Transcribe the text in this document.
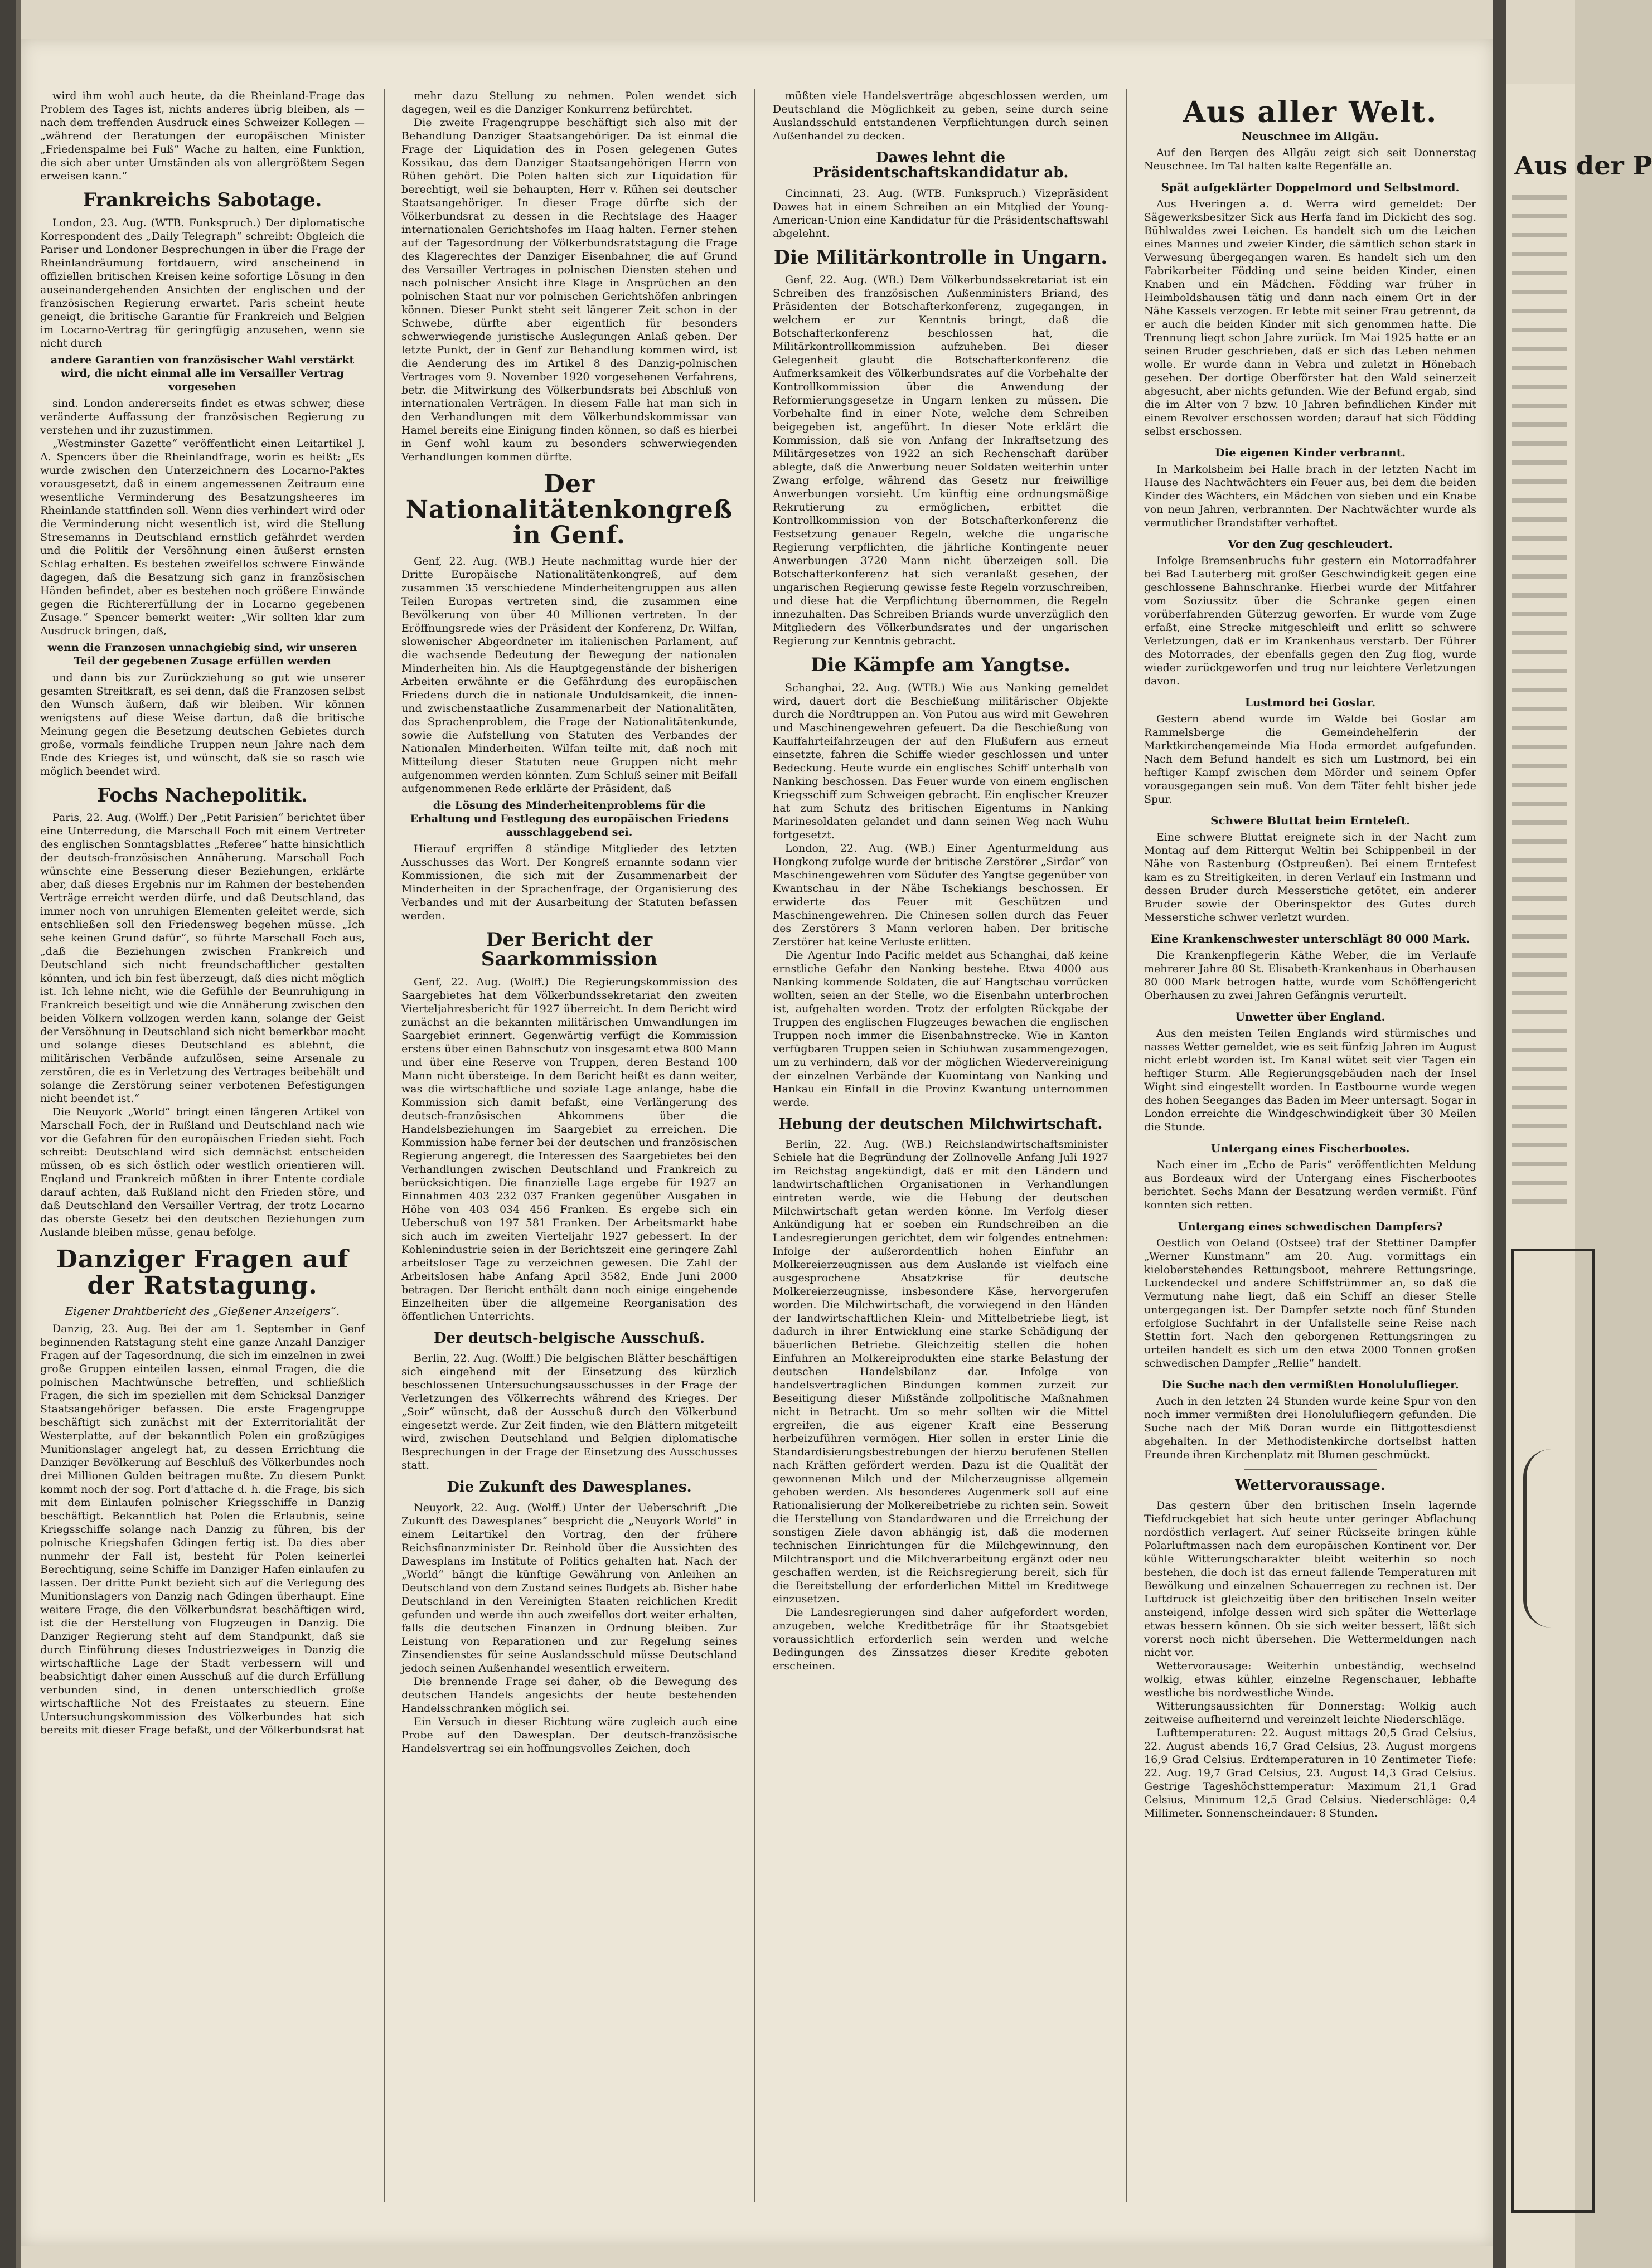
wird ihm wohl auch heute, da die Rheinland-Frage das Problem des Tages ist, nichts anderes übrig bleiben, als — nach dem treffenden Ausdruck eines Schweizer Kollegen — „während der Beratungen der europäischen Minister „Friedenspalme bei Fuß“ Wache zu halten, eine Funktion, die sich aber unter Umständen als von allergrößtem Segen erweisen kann.“

Frankreichs Sabotage.

London, 23. Aug. (WTB. Funkspruch.) Der diplomatische Korrespondent des „Daily Telegraph“ schreibt: Obgleich die Pariser und Londoner Besprechungen in über die Frage der Rheinlandräumung fortdauern, wird anscheinend in offiziellen britischen Kreisen keine sofortige Lösung in den auseinandergehenden Ansichten der englischen und der französischen Regierung erwartet. Paris scheint heute geneigt, die britische Garantie für Frankreich und Belgien im Locarno-Vertrag für geringfügig anzusehen, wenn sie nicht durch

andere Garantien von französischer Wahl verstärkt wird, die nicht einmal alle im Versailler Vertrag vorgesehen

sind. London andererseits findet es etwas schwer, diese veränderte Auffassung der französischen Regierung zu verstehen und ihr zuzustimmen.

„Westminster Gazette“ veröffentlicht einen Leitartikel J. A. Spencers über die Rheinlandfrage, worin es heißt: „Es wurde zwischen den Unterzeichnern des Locarno-Paktes vorausgesetzt, daß in einem angemessenen Zeitraum eine wesentliche Verminderung des Besatzungsheeres im Rheinlande stattfinden soll. Wenn dies verhindert wird oder die Verminderung nicht wesentlich ist, wird die Stellung Stresemanns in Deutschland ernstlich gefährdet werden und die Politik der Versöhnung einen äußerst ernsten Schlag erhalten. Es bestehen zweifellos schwere Einwände dagegen, daß die Besatzung sich ganz in französischen Händen befindet, aber es bestehen noch größere Einwände gegen die Richtererfüllung der in Locarno gegebenen Zusage.“ Spencer bemerkt weiter: „Wir sollten klar zum Ausdruck bringen, daß,

wenn die Franzosen unnachgiebig sind, wir unseren Teil der gegebenen Zusage erfüllen werden

und dann bis zur Zurückziehung so gut wie unserer gesamten Streitkraft, es sei denn, daß die Franzosen selbst den Wunsch äußern, daß wir bleiben. Wir können wenigstens auf diese Weise dartun, daß die britische Meinung gegen die Besetzung deutschen Gebietes durch große, vormals feindliche Truppen neun Jahre nach dem Ende des Krieges ist, und wünscht, daß sie so rasch wie möglich beendet wird.

Fochs Nachepolitik.

Paris, 22. Aug. (Wolff.) Der „Petit Parisien“ berichtet über eine Unterredung, die Marschall Foch mit einem Vertreter des englischen Sonntagsblattes „Referee“ hatte hinsichtlich der deutsch-französischen Annäherung. Marschall Foch wünschte eine Besserung dieser Beziehungen, erklärte aber, daß dieses Ergebnis nur im Rahmen der bestehenden Verträge erreicht werden dürfe, und daß Deutschland, das immer noch von unruhigen Elementen geleitet werde, sich entschließen soll den Friedensweg begehen müsse. „Ich sehe keinen Grund dafür“, so führte Marschall Foch aus, „daß die Beziehungen zwischen Frankreich und Deutschland sich nicht freundschaftlicher gestalten könnten, und ich bin fest überzeugt, daß dies nicht möglich ist. Ich lehne nicht, wie die Gefühle der Beunruhigung in Frankreich beseitigt und wie die Annäherung zwischen den beiden Völkern vollzogen werden kann, solange der Geist der Versöhnung in Deutschland sich nicht bemerkbar macht und solange dieses Deutschland es ablehnt, die militärischen Verbände aufzulösen, seine Arsenale zu zerstören, die es in Verletzung des Vertrages beibehält und solange die Zerstörung seiner verbotenen Befestigungen nicht beendet ist.“

Die Neuyork „World“ bringt einen längeren Artikel von Marschall Foch, der in Rußland und Deutschland nach wie vor die Gefahren für den europäischen Frieden sieht. Foch schreibt: Deutschland wird sich demnächst entscheiden müssen, ob es sich östlich oder westlich orientieren will. England und Frankreich müßten in ihrer Entente cordiale darauf achten, daß Rußland nicht den Frieden störe, und daß Deutschland den Versailler Vertrag, der trotz Locarno das oberste Gesetz bei den deutschen Beziehungen zum Auslande bleiben müsse, genau befolge.

Danziger Fragen auf der Ratstagung.
Eigener Drahtbericht des „Gießener Anzeigers“.

Danzig, 23. Aug. Bei der am 1. September in Genf beginnenden Ratstagung steht eine ganze Anzahl Danziger Fragen auf der Tagesordnung, die sich im einzelnen in zwei große Gruppen einteilen lassen, einmal Fragen, die die polnischen Machtwünsche betreffen, und schließlich Fragen, die sich im speziellen mit dem Schicksal Danziger Staatsangehöriger befassen. Die erste Fragengruppe beschäftigt sich zunächst mit der Exterritorialität der Westerplatte, auf der bekanntlich Polen ein großzügiges Munitionslager angelegt hat, zu dessen Errichtung die Danziger Bevölkerung auf Beschluß des Völkerbundes noch drei Millionen Gulden beitragen mußte. Zu diesem Punkt kommt noch der sog. Port d'attache d. h. die Frage, bis sich mit dem Einlaufen polnischer Kriegsschiffe in Danzig beschäftigt. Bekanntlich hat Polen die Erlaubnis, seine Kriegsschiffe solange nach Danzig zu führen, bis der polnische Kriegshafen Gdingen fertig ist. Da dies aber nunmehr der Fall ist, besteht für Polen keinerlei Berechtigung, seine Schiffe im Danziger Hafen einlaufen zu lassen. Der dritte Punkt bezieht sich auf die Verlegung des Munitionslagers von Danzig nach Gdingen überhaupt. Eine weitere Frage, die den Völkerbundsrat beschäftigen wird, ist die der Herstellung von Flugzeugen in Danzig. Die Danziger Regierung steht auf dem Standpunkt, daß sie durch Einführung dieses Industriezweiges in Danzig die wirtschaftliche Lage der Stadt verbessern will und beabsichtigt daher einen Ausschuß auf die durch Erfüllung verbunden sind, in denen unterschiedlich große wirtschaftliche Not des Freistaates zu steuern. Eine Untersuchungskommission des Völkerbundes hat sich bereits mit dieser Frage befaßt, und der Völkerbundsrat hat

mehr dazu Stellung zu nehmen. Polen wendet sich dagegen, weil es die Danziger Konkurrenz befürchtet.

Die zweite Fragengruppe beschäftigt sich also mit der Behandlung Danziger Staatsangehöriger. Da ist einmal die Frage der Liquidation des in Posen gelegenen Gutes Kossikau, das dem Danziger Staatsangehörigen Herrn von Rühen gehört. Die Polen halten sich zur Liquidation für berechtigt, weil sie behaupten, Herr v. Rühen sei deutscher Staatsangehöriger. In dieser Frage dürfte sich der Völkerbundsrat zu dessen in die Rechtslage des Haager internationalen Gerichtshofes im Haag halten. Ferner stehen auf der Tagesordnung der Völkerbundsratstagung die Frage des Klagerechtes der Danziger Eisenbahner, die auf Grund des Versailler Vertrages in polnischen Diensten stehen und nach polnischer Ansicht ihre Klage in Ansprüchen an den polnischen Staat nur vor polnischen Gerichtshöfen anbringen können. Dieser Punkt steht seit längerer Zeit schon in der Schwebe, dürfte aber eigentlich für besonders schwerwiegende juristische Auslegungen Anlaß geben. Der letzte Punkt, der in Genf zur Behandlung kommen wird, ist die Aenderung des im Artikel 8 des Danzig-polnischen Vertrages vom 9. November 1920 vorgesehenen Verfahrens, betr. die Mitwirkung des Völkerbundsrats bei Abschluß von internationalen Verträgen. In diesem Falle hat man sich in den Verhandlungen mit dem Völkerbundskommissar van Hamel bereits eine Einigung finden können, so daß es hierbei in Genf wohl kaum zu besonders schwerwiegenden Verhandlungen kommen dürfte.

Der Nationalitätenkongreß in Genf.

Genf, 22. Aug. (WB.) Heute nachmittag wurde hier der Dritte Europäische Nationalitätenkongreß, auf dem zusammen 35 verschiedene Minderheitengruppen aus allen Teilen Europas vertreten sind, die zusammen eine Bevölkerung von über 40 Millionen vertreten. In der Eröffnungsrede wies der Präsident der Konferenz, Dr. Wilfan, slowenischer Abgeordneter im italienischen Parlament, auf die wachsende Bedeutung der Bewegung der nationalen Minderheiten hin. Als die Hauptgegenstände der bisherigen Arbeiten erwähnte er die Gefährdung des europäischen Friedens durch die in nationale Unduldsamkeit, die innen- und zwischenstaatliche Zusammenarbeit der Nationalitäten, das Sprachenproblem, die Frage der Nationalitätenkunde, sowie die Aufstellung von Statuten des Verbandes der Nationalen Minderheiten. Wilfan teilte mit, daß noch mit Mitteilung dieser Statuten neue Gruppen nicht mehr aufgenommen werden könnten. Zum Schluß seiner mit Beifall aufgenommenen Rede erklärte der Präsident, daß

die Lösung des Minderheitenproblems für die Erhaltung und Festlegung des europäischen Friedens ausschlaggebend sei.

Hierauf ergriffen 8 ständige Mitglieder des letzten Ausschusses das Wort. Der Kongreß ernannte sodann vier Kommissionen, die sich mit der Zusammenarbeit der Minderheiten in der Sprachenfrage, der Organisierung des Verbandes und mit der Ausarbeitung der Statuten befassen werden.

Der Bericht der Saarkommission

Genf, 22. Aug. (Wolff.) Die Regierungskommission des Saargebietes hat dem Völkerbundssekretariat den zweiten Vierteljahresbericht für 1927 überreicht. In dem Bericht wird zunächst an die bekannten militärischen Umwandlungen im Saargebiet erinnert. Gegenwärtig verfügt die Kommission erstens über einen Bahnschutz von insgesamt etwa 800 Mann und über eine Reserve von Truppen, deren Bestand 100 Mann nicht übersteige. In dem Bericht heißt es dann weiter, was die wirtschaftliche und soziale Lage anlange, habe die Kommission sich damit befaßt, eine Verlängerung des deutsch-französischen Abkommens über die Handelsbeziehungen im Saargebiet zu erreichen. Die Kommission habe ferner bei der deutschen und französischen Regierung angeregt, die Interessen des Saargebietes bei den Verhandlungen zwischen Deutschland und Frankreich zu berücksichtigen. Die finanzielle Lage ergebe für 1927 an Einnahmen 403 232 037 Franken gegenüber Ausgaben in Höhe von 403 034 456 Franken. Es ergebe sich ein Ueberschuß von 197 581 Franken. Der Arbeitsmarkt habe sich auch im zweiten Vierteljahr 1927 gebessert. In der Kohlenindustrie seien in der Berichtszeit eine geringere Zahl arbeitsloser Tage zu verzeichnen gewesen. Die Zahl der Arbeitslosen habe Anfang April 3582, Ende Juni 2000 betragen. Der Bericht enthält dann noch einige eingehende Einzelheiten über die allgemeine Reorganisation des öffentlichen Unterrichts.

Der deutsch-belgische Ausschuß.

Berlin, 22. Aug. (Wolff.) Die belgischen Blätter beschäftigen sich eingehend mit der Einsetzung des kürzlich beschlossenen Untersuchungsausschusses in der Frage der Verletzungen des Völkerrechts während des Krieges. Der „Soir“ wünscht, daß der Ausschuß durch den Völkerbund eingesetzt werde. Zur Zeit finden, wie den Blättern mitgeteilt wird, zwischen Deutschland und Belgien diplomatische Besprechungen in der Frage der Einsetzung des Ausschusses statt.

Die Zukunft des Dawesplanes.

Neuyork, 22. Aug. (Wolff.) Unter der Ueberschrift „Die Zukunft des Dawesplanes“ bespricht die „Neuyork World“ in einem Leitartikel den Vortrag, den der frühere Reichsfinanzminister Dr. Reinhold über die Aussichten des Dawesplans im Institute of Politics gehalten hat. Nach der „World“ hängt die künftige Gewährung von Anleihen an Deutschland von dem Zustand seines Budgets ab. Bisher habe Deutschland in den Vereinigten Staaten reichlichen Kredit gefunden und werde ihn auch zweifellos dort weiter erhalten, falls die deutschen Finanzen in Ordnung bleiben. Zur Leistung von Reparationen und zur Regelung seines Zinsendienstes für seine Auslandsschuld müsse Deutschland jedoch seinen Außenhandel wesentlich erweitern.

Die brennende Frage sei daher, ob die Bewegung des deutschen Handels angesichts der heute bestehenden Handelsschranken möglich sei.

Ein Versuch in dieser Richtung wäre zugleich auch eine Probe auf den Dawesplan. Der deutsch-französische Handelsvertrag sei ein hoffnungsvolles Zeichen, doch

müßten viele Handelsverträge abgeschlossen werden, um Deutschland die Möglichkeit zu geben, seine durch seine Auslandsschuld entstandenen Verpflichtungen durch seinen Außenhandel zu decken.

Dawes lehnt die Präsidentschaftskandidatur ab.

Cincinnati, 23. Aug. (WTB. Funkspruch.) Vizepräsident Dawes hat in einem Schreiben an ein Mitglied der Young-American-Union eine Kandidatur für die Präsidentschaftswahl abgelehnt.

Die Militärkontrolle in Ungarn.

Genf, 22. Aug. (WB.) Dem Völkerbundssekretariat ist ein Schreiben des französischen Außenministers Briand, des Präsidenten der Botschafterkonferenz, zugegangen, in welchem er zur Kenntnis bringt, daß die Botschafterkonferenz beschlossen hat, die Militärkontrollkommission aufzuheben. Bei dieser Gelegenheit glaubt die Botschafterkonferenz die Aufmerksamkeit des Völkerbundsrates auf die Vorbehalte der Kontrollkommission über die Anwendung der Reformierungsgesetze in Ungarn lenken zu müssen. Die Vorbehalte find in einer Note, welche dem Schreiben beigegeben ist, angeführt. In dieser Note erklärt die Kommission, daß sie von Anfang der Inkraftsetzung des Militärgesetzes von 1922 an sich Rechenschaft darüber ablegte, daß die Anwerbung neuer Soldaten weiterhin unter Zwang erfolge, während das Gesetz nur freiwillige Anwerbungen vorsieht. Um künftig eine ordnungsmäßige Rekrutierung zu ermöglichen, erbittet die Kontrollkommission von der Botschafterkonferenz die Festsetzung genauer Regeln, welche die ungarische Regierung verpflichten, die jährliche Kontingente neuer Anwerbungen 3720 Mann nicht überzeigen soll. Die Botschafterkonferenz hat sich veranlaßt gesehen, der ungarischen Regierung gewisse feste Regeln vorzuschreiben, und diese hat die Verpflichtung übernommen, die Regeln innezuhalten. Das Schreiben Briands wurde unverzüglich den Mitgliedern des Völkerbundsrates und der ungarischen Regierung zur Kenntnis gebracht.

Die Kämpfe am Yangtse.

Schanghai, 22. Aug. (WTB.) Wie aus Nanking gemeldet wird, dauert dort die Beschießung militärischer Objekte durch die Nordtruppen an. Von Putou aus wird mit Gewehren und Maschinengewehren gefeuert. Da die Beschießung von Kauffahrteifahrzeugen der auf den Flußufern aus erneut einsetzte, fahren die Schiffe wieder geschlossen und unter Bedeckung. Heute wurde ein englisches Schiff unterhalb von Nanking beschossen. Das Feuer wurde von einem englischen Kriegsschiff zum Schweigen gebracht. Ein englischer Kreuzer hat zum Schutz des britischen Eigentums in Nanking Marinesoldaten gelandet und dann seinen Weg nach Wuhu fortgesetzt.

London, 22. Aug. (WB.) Einer Agenturmeldung aus Hongkong zufolge wurde der britische Zerstörer „Sirdar“ von Maschinengewehren vom Südufer des Yangtse gegenüber von Kwantschau in der Nähe Tschekiangs beschossen. Er erwiderte das Feuer mit Geschützen und Maschinengewehren. Die Chinesen sollen durch das Feuer des Zerstörers 3 Mann verloren haben. Der britische Zerstörer hat keine Verluste erlitten.

Die Agentur Indo Pacific meldet aus Schanghai, daß keine ernstliche Gefahr den Nanking bestehe. Etwa 4000 aus Nanking kommende Soldaten, die auf Hangtschau vorrücken wollten, seien an der Stelle, wo die Eisenbahn unterbrochen ist, aufgehalten worden. Trotz der erfolgten Rückgabe der Truppen des englischen Flugzeuges bewachen die englischen Truppen noch immer die Eisenbahnstrecke. Wie in Kanton verfügbaren Truppen seien in Schiuhwan zusammengezogen, um zu verhindern, daß vor der möglichen Wiedervereinigung der einzelnen Verbände der Kuomintang von Nanking und Hankau ein Einfall in die Provinz Kwantung unternommen werde.

Hebung der deutschen Milchwirtschaft.

Berlin, 22. Aug. (WB.) Reichslandwirtschaftsminister Schiele hat die Begründung der Zollnovelle Anfang Juli 1927 im Reichstag angekündigt, daß er mit den Ländern und landwirtschaftlichen Organisationen in Verhandlungen eintreten werde, wie die Hebung der deutschen Milchwirtschaft getan werden könne. Im Verfolg dieser Ankündigung hat er soeben ein Rundschreiben an die Landesregierungen gerichtet, dem wir folgendes entnehmen: Infolge der außerordentlich hohen Einfuhr an Molkereierzeugnissen aus dem Auslande ist vielfach eine ausgesprochene Absatzkrise für deutsche Molkereierzeugnisse, insbesondere Käse, hervorgerufen worden. Die Milchwirtschaft, die vorwiegend in den Händen der landwirtschaftlichen Klein- und Mittelbetriebe liegt, ist dadurch in ihrer Entwicklung eine starke Schädigung der bäuerlichen Betriebe. Gleichzeitig stellen die hohen Einfuhren an Molkereiprodukten eine starke Belastung der deutschen Handelsbilanz dar. Infolge von handelsvertraglichen Bindungen kommen zurzeit zur Beseitigung dieser Mißstände zollpolitische Maßnahmen nicht in Betracht. Um so mehr sollten wir die Mittel ergreifen, die aus eigener Kraft eine Besserung herbeizuführen vermögen. Hier sollen in erster Linie die Standardisierungsbestrebungen der hierzu berufenen Stellen nach Kräften gefördert werden. Dazu ist die Qualität der gewonnenen Milch und der Milcherzeugnisse allgemein gehoben werden. Als besonderes Augenmerk soll auf eine Rationalisierung der Molkereibetriebe zu richten sein. Soweit die Herstellung von Standardwaren und die Erreichung der sonstigen Ziele davon abhängig ist, daß die modernen technischen Einrichtungen für die Milchgewinnung, den Milchtransport und die Milchverarbeitung ergänzt oder neu geschaffen werden, ist die Reichsregierung bereit, sich für die Bereitstellung der erforderlichen Mittel im Kreditwege einzusetzen.

Die Landesregierungen sind daher aufgefordert worden, anzugeben, welche Kreditbeträge für ihr Staatsgebiet voraussichtlich erforderlich sein werden und welche Bedingungen des Zinssatzes dieser Kredite geboten erscheinen.

Aus aller Welt.
Neuschnee im Allgäu.

Auf den Bergen des Allgäu zeigt sich seit Donnerstag Neuschnee. Im Tal halten kalte Regenfälle an.

Spät aufgeklärter Doppelmord und Selbstmord.

Aus Hveringen a. d. Werra wird gemeldet: Der Sägewerksbesitzer Sick aus Herfa fand im Dickicht des sog. Bühlwaldes zwei Leichen. Es handelt sich um die Leichen eines Mannes und zweier Kinder, die sämtlich schon stark in Verwesung übergegangen waren. Es handelt sich um den Fabrikarbeiter Födding und seine beiden Kinder, einen Knaben und ein Mädchen. Födding war früher in Heimboldshausen tätig und dann nach einem Ort in der Nähe Kassels verzogen. Er lebte mit seiner Frau getrennt, da er auch die beiden Kinder mit sich genommen hatte. Die Trennung liegt schon Jahre zurück. Im Mai 1925 hatte er an seinen Bruder geschrieben, daß er sich das Leben nehmen wolle. Er wurde dann in Vebra und zuletzt in Hönebach gesehen. Der dortige Oberförster hat den Wald seinerzeit abgesucht, aber nichts gefunden. Wie der Befund ergab, sind die im Alter von 7 bzw. 10 Jahren befindlichen Kinder mit einem Revolver erschossen worden; darauf hat sich Födding selbst erschossen.

Die eigenen Kinder verbrannt.

In Markolsheim bei Halle brach in der letzten Nacht im Hause des Nachtwächters ein Feuer aus, bei dem die beiden Kinder des Wächters, ein Mädchen von sieben und ein Knabe von neun Jahren, verbrannten. Der Nachtwächter wurde als vermutlicher Brandstifter verhaftet.

Vor den Zug geschleudert.

Infolge Bremsenbruchs fuhr gestern ein Motorradfahrer bei Bad Lauterberg mit großer Geschwindigkeit gegen eine geschlossene Bahnschranke. Hierbei wurde der Mitfahrer vom Soziussitz über die Schranke gegen einen vorüberfahrenden Güterzug geworfen. Er wurde vom Zuge erfaßt, eine Strecke mitgeschleift und erlitt so schwere Verletzungen, daß er im Krankenhaus verstarb. Der Führer des Motorrades, der ebenfalls gegen den Zug flog, wurde wieder zurückgeworfen und trug nur leichtere Verletzungen davon.

Lustmord bei Goslar.

Gestern abend wurde im Walde bei Goslar am Rammelsberge die Gemeindehelferin der Marktkirchengemeinde Mia Hoda ermordet aufgefunden. Nach dem Befund handelt es sich um Lustmord, bei ein heftiger Kampf zwischen dem Mörder und seinem Opfer vorausgegangen sein muß. Von dem Täter fehlt bisher jede Spur.

Schwere Bluttat beim Ernteleft.

Eine schwere Bluttat ereignete sich in der Nacht zum Montag auf dem Rittergut Weltin bei Schippenbeil in der Nähe von Rastenburg (Ostpreußen). Bei einem Erntefest kam es zu Streitigkeiten, in deren Verlauf ein Instmann und dessen Bruder durch Messerstiche getötet, ein anderer Bruder sowie der Oberinspektor des Gutes durch Messerstiche schwer verletzt wurden.

Eine Krankenschwester unterschlägt 80 000 Mark.

Die Krankenpflegerin Käthe Weber, die im Verlaufe mehrerer Jahre 80 St. Elisabeth-Krankenhaus in Oberhausen 80 000 Mark betrogen hatte, wurde vom Schöffengericht Oberhausen zu zwei Jahren Gefängnis verurteilt.

Unwetter über England.

Aus den meisten Teilen Englands wird stürmisches und nasses Wetter gemeldet, wie es seit fünfzig Jahren im August nicht erlebt worden ist. Im Kanal wütet seit vier Tagen ein heftiger Sturm. Alle Regierungsgebäuden nach der Insel Wight sind eingestellt worden. In Eastbourne wurde wegen des hohen Seeganges das Baden im Meer untersagt. Sogar in London erreichte die Windgeschwindigkeit über 30 Meilen die Stunde.

Untergang eines Fischerbootes.

Nach einer im „Echo de Paris“ veröffentlichten Meldung aus Bordeaux wird der Untergang eines Fischerbootes berichtet. Sechs Mann der Besatzung werden vermißt. Fünf konnten sich retten.

Untergang eines schwedischen Dampfers?

Oestlich von Oeland (Ostsee) traf der Stettiner Dampfer „Werner Kunstmann“ am 20. Aug. vormittags ein kieloberstehendes Rettungsboot, mehrere Rettungsringe, Luckendeckel und andere Schiffstrümmer an, so daß die Vermutung nahe liegt, daß ein Schiff an dieser Stelle untergegangen ist. Der Dampfer setzte noch fünf Stunden erfolglose Suchfahrt in der Unfallstelle seine Reise nach Stettin fort. Nach den geborgenen Rettungsringen zu urteilen handelt es sich um den etwa 2000 Tonnen großen schwedischen Dampfer „Rellie“ handelt.

Die Suche nach den vermißten Honoluluflieger.

Auch in den letzten 24 Stunden wurde keine Spur von den noch immer vermißten drei Honolulufliegern gefunden. Die Suche nach der Miß Doran wurde ein Bittgottesdienst abgehalten. In der Methodistenkirche dortselbst hatten Freunde ihren Kirchenplatz mit Blumen geschmückt.

Wettervoraussage.

Das gestern über den britischen Inseln lagernde Tiefdruckgebiet hat sich heute unter geringer Abflachung nordöstlich verlagert. Auf seiner Rückseite bringen kühle Polarluftmassen nach dem europäischen Kontinent vor. Der kühle Witterungscharakter bleibt weiterhin so noch bestehen, die doch ist das erneut fallende Temperaturen mit Bewölkung und einzelnen Schauerregen zu rechnen ist. Der Luftdruck ist gleichzeitig über den britischen Inseln weiter ansteigend, infolge dessen wird sich später die Wetterlage etwas bessern können. Ob sie sich weiter bessert, läßt sich vorerst noch nicht übersehen. Die Wettermeldungen nach nicht vor.

Wettervorausage: Weiterhin unbeständig, wechselnd wolkig, etwas kühler, einzelne Regenschauer, lebhafte westliche bis nordwestliche Winde.

Witterungsaussichten für Donnerstag: Wolkig auch zeitweise aufheiternd und vereinzelt leichte Niederschläge.

Lufttemperaturen: 22. August mittags 20,5 Grad Celsius, 22. August abends 16,7 Grad Celsius, 23. August morgens 16,9 Grad Celsius. Erdtemperaturen in 10 Zentimeter Tiefe: 22. Aug. 19,7 Grad Celsius, 23. August 14,3 Grad Celsius. Gestrige Tageshöchsttemperatur: Maximum 21,1 Grad Celsius, Minimum 12,5 Grad Celsius. Niederschläge: 0,4 Millimeter. Sonnenscheindauer: 8 Stunden.

Aus der P
